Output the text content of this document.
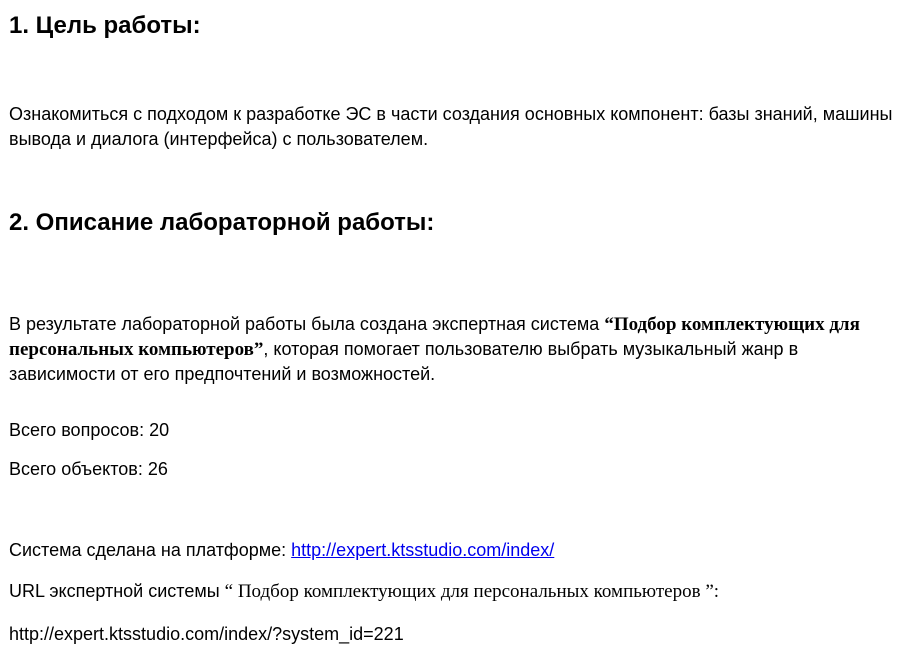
1. Цель работы:

Ознакомиться с подходом к разработке ЭС в части создания основных компонент: базы знаний, машины вывода и диалога (интерфейса) с пользователем.

2. Описание лабораторной работы:

В результате лабораторной работы была создана экспертная система “Подбор комплектующих для персональных компьютеров”, которая помогает пользователю выбрать музыкальный жанр в зависимости от его предпочтений и возможностей.

Всего вопросов: 20

Всего объектов: 26

Система сделана на платформе: http://expert.ktsstudio.com/index/

URL экспертной системы “ Подбор комплектующих для персональных компьютеров ”:

http://expert.ktsstudio.com/index/?system_id=221
